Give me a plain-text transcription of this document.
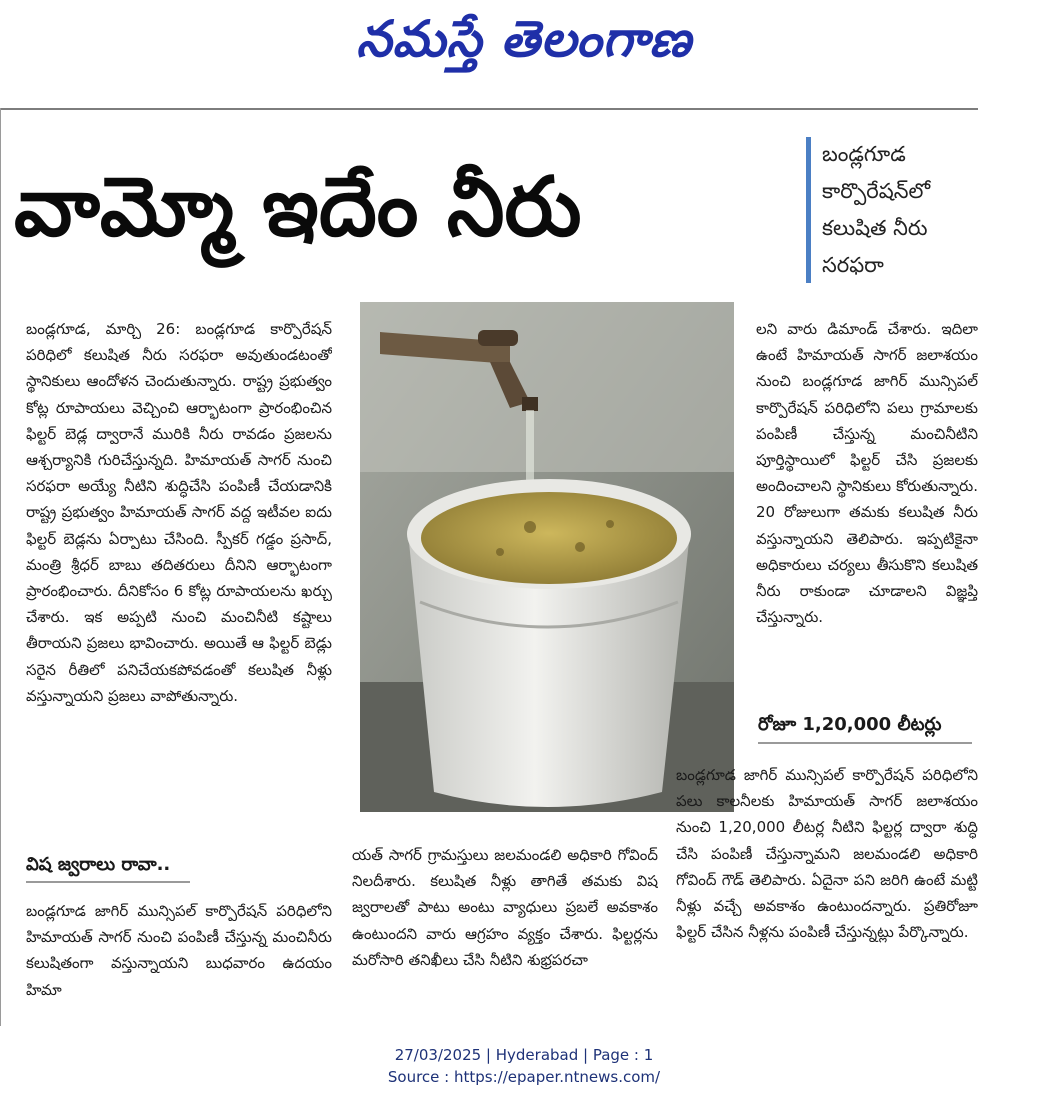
నమస్తే తెలంగాణ
వామ్మో ఇదేం నీరు
బండ్లగూడ కార్పొరేషన్‌లో కలుషిత నీరు సరఫరా
బండ్లగూడ, మార్చి 26: బండ్లగూడ కార్పొరేషన్ పరిధిలో కలుషిత నీరు సరఫరా అవుతుండటంతో స్థానికులు ఆందోళన చెందుతున్నారు. రాష్ట్ర ప్రభుత్వం కోట్ల రూపాయలు వెచ్చించి ఆర్భాటంగా ప్రారంభించిన ఫిల్టర్ బెడ్ల ద్వారానే మురికి నీరు రావడం ప్రజలను ఆశ్చర్యానికి గురిచేస్తున్నది. హిమాయత్ సాగర్ నుంచి సరఫరా అయ్యే నీటిని శుద్ధిచేసి పంపిణీ చేయడానికి రాష్ట్ర ప్రభుత్వం హిమాయత్ సాగర్ వద్ద ఇటీవల ఐదు ఫిల్టర్ బెడ్లను ఏర్పాటు చేసింది. స్పీకర్ గడ్డం ప్రసాద్, మంత్రి శ్రీధర్ బాబు తదితరులు దీనిని ఆర్భాటంగా ప్రారంభించారు. దీనికోసం 6 కోట్ల రూపాయలను ఖర్చు చేశారు. ఇక అప్పటి నుంచి మంచినీటి కష్టాలు తీరాయని ప్రజలు భావించారు. అయితే ఆ ఫిల్టర్ బెడ్లు సరైన రీతిలో పనిచేయకపోవడంతో కలుషిత నీళ్లు వస్తున్నాయని ప్రజలు వాపోతున్నారు.
విష జ్వరాలు రావా..
బండ్లగూడ జాగిర్ మున్సిపల్ కార్పొరేషన్ పరిధిలోని హిమాయత్ సాగర్ నుంచి పంపిణీ చేస్తున్న మంచినీరు కలుషితంగా వస్తున్నాయని బుధవారం ఉదయం హిమా
యత్ సాగర్ గ్రామస్తులు జలమండలి అధికారి గోవింద్ నిలదీశారు. కలుషిత నీళ్లు తాగితే తమకు విష జ్వరాలతో పాటు అంటు వ్యాధులు ప్రబలే అవకాశం ఉంటుందని వారు ఆగ్రహం వ్యక్తం చేశారు. ఫిల్టర్లను మరోసారి తనిఖీలు చేసి నీటిని శుభ్రపరచా
లని వారు డిమాండ్ చేశారు. ఇదిలా ఉంటే హిమాయత్ సాగర్ జలాశయం నుంచి బండ్లగూడ జాగిర్ మున్సిపల్ కార్పొరేషన్ పరిధిలోని పలు గ్రామాలకు పంపిణీ చేస్తున్న మంచినీటిని పూర్తిస్థాయిలో ఫిల్టర్ చేసి ప్రజలకు అందించాలని స్థానికులు కోరుతున్నారు. 20 రోజులుగా తమకు కలుషిత నీరు వస్తున్నాయని తెలిపారు. ఇప్పటికైనా అధికారులు చర్యలు తీసుకొని కలుషిత నీరు రాకుండా చూడాలని విజ్ఞప్తి చేస్తున్నారు.
రోజూ 1,20,000 లీటర్లు
బండ్లగూడ జాగిర్ మున్సిపల్ కార్పొరేషన్ పరిధిలోని పలు కాలనీలకు హిమాయత్ సాగర్ జలాశయం నుంచి 1,20,000 లీటర్ల నీటిని ఫిల్టర్ల ద్వారా శుద్ధి చేసి పంపిణీ చేస్తున్నామని జలమండలి అధికారి గోవింద్ గౌడ్ తెలిపారు. ఏదైనా పని జరిగి ఉంటే మట్టి నీళ్లు వచ్చే అవకాశం ఉంటుందన్నారు. ప్రతిరోజూ ఫిల్టర్ చేసిన నీళ్లను పంపిణీ చేస్తున్నట్లు పేర్కొన్నారు.
27/03/2025 | Hyderabad | Page : 1
Source : https://epaper.ntnews.com/
